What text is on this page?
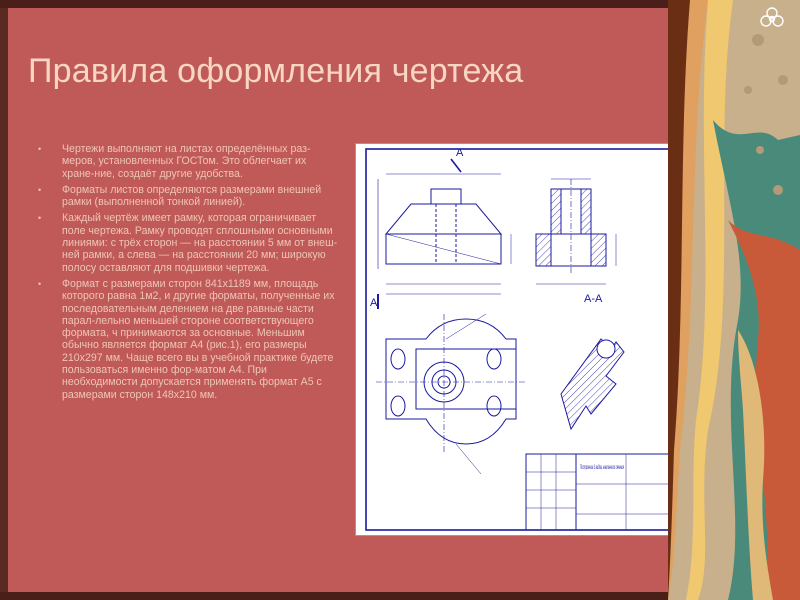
Правила оформления чертежа
• Чертежи выполняют на листах определённых раз-меров, установленных ГОСТом. Это облегчает их хране-ние, создаёт другие удобства.
• Форматы листов определяются размерами внешней рамки (выполненной тонкой линией).
• Каждый чертёж имеет рамку, которая ограничивает поле чертежа. Рамку проводят сплошными основными линиями: с трёх сторон — на расстоянии 5 мм от внеш-ней рамки, а слева — на расстоянии 20 мм; широкую полосу оставляют для подшивки чертежа.
• Формат с размерами сторон 841х1189 мм, площадь которого равна 1м2, и другие форматы, полученные их последовательным делением на две равные части парал-лельно меньшей стороне соответствующего формата, ч принимаются за основные. Меньшим обычно является формат А4 (рис.1), его размеры 210х297 мм. Чаще всего вы в учебной практике будете пользоваться именно фор-матом А4. При необходимости допускается применять формат А5 с размерами сторон 148х210 мм.
А
А	А-А
Построение 3 видов, наклонного сечения
